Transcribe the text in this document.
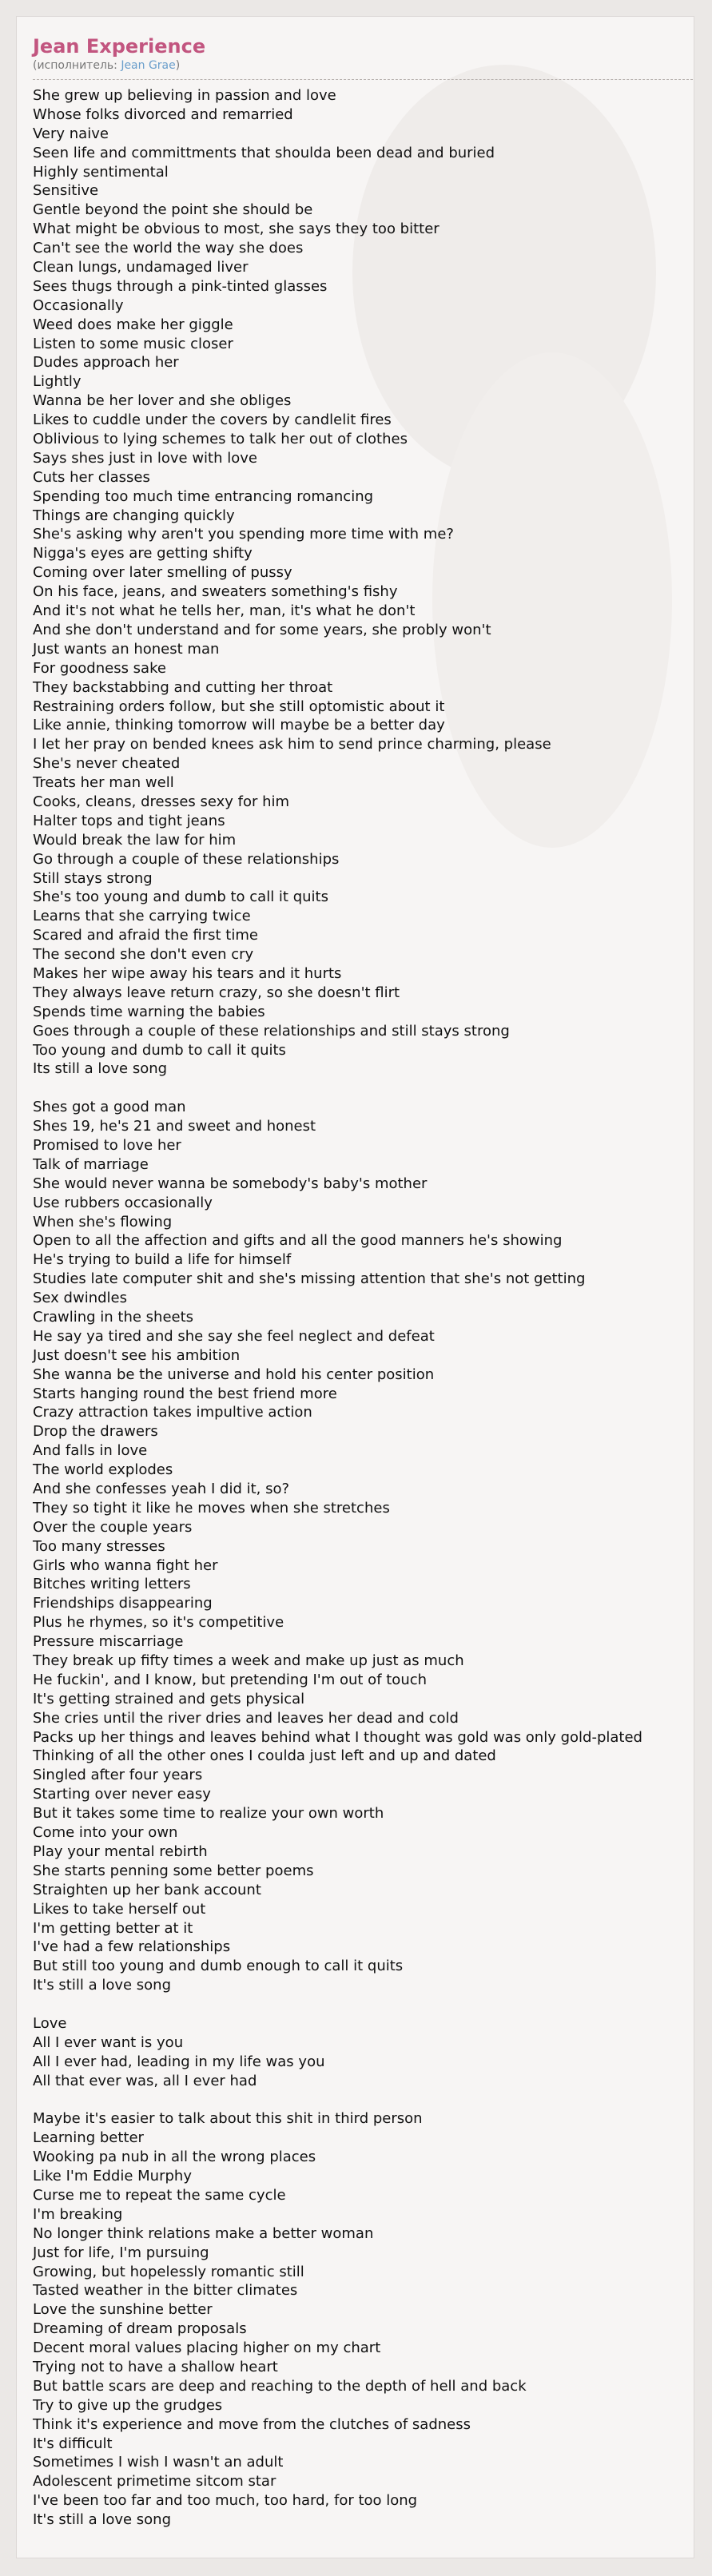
Jean Experience

(исполнитель: Jean Grae)

She grew up believing in passion and love
Whose folks divorced and remarried
Very naive
Seen life and committments that shoulda been dead and buried
Highly sentimental
Sensitive
Gentle beyond the point she should be
What might be obvious to most, she says they too bitter
Can't see the world the way she does
Clean lungs, undamaged liver
Sees thugs through a pink-tinted glasses
Occasionally
Weed does make her giggle
Listen to some music closer
Dudes approach her
Lightly
Wanna be her lover and she obliges
Likes to cuddle under the covers by candlelit fires
Oblivious to lying schemes to talk her out of clothes
Says shes just in love with love
Cuts her classes
Spending too much time entrancing romancing
Things are changing quickly
She's asking why aren't you spending more time with me?
Nigga's eyes are getting shifty
Coming over later smelling of pussy
On his face, jeans, and sweaters something's fishy
And it's not what he tells her, man, it's what he don't
And she don't understand and for some years, she probly won't
Just wants an honest man
For goodness sake
They backstabbing and cutting her throat
Restraining orders follow, but she still optomistic about it
Like annie, thinking tomorrow will maybe be a better day
I let her pray on bended knees ask him to send prince charming, please
She's never cheated
Treats her man well
Cooks, cleans, dresses sexy for him
Halter tops and tight jeans
Would break the law for him
Go through a couple of these relationships
Still stays strong
She's too young and dumb to call it quits
Learns that she carrying twice
Scared and afraid the first time
The second she don't even cry
Makes her wipe away his tears and it hurts
They always leave return crazy, so she doesn't flirt
Spends time warning the babies
Goes through a couple of these relationships and still stays strong
Too young and dumb to call it quits
Its still a love song
Shes got a good man
Shes 19, he's 21 and sweet and honest
Promised to love her
Talk of marriage
She would never wanna be somebody's baby's mother
Use rubbers occasionally
When she's flowing
Open to all the affection and gifts and all the good manners he's showing
He's trying to build a life for himself
Studies late computer shit and she's missing attention that she's not getting
Sex dwindles
Crawling in the sheets
He say ya tired and she say she feel neglect and defeat
Just doesn't see his ambition
She wanna be the universe and hold his center position
Starts hanging round the best friend more
Crazy attraction takes impultive action
Drop the drawers
And falls in love
The world explodes
And she confesses yeah I did it, so?
They so tight it like he moves when she stretches
Over the couple years
Too many stresses
Girls who wanna fight her
Bitches writing letters
Friendships disappearing
Plus he rhymes, so it's competitive
Pressure miscarriage
They break up fifty times a week and make up just as much
He fuckin', and I know, but pretending I'm out of touch
It's getting strained and gets physical
She cries until the river dries and leaves her dead and cold
Packs up her things and leaves behind what I thought was gold was only gold-plated
Thinking of all the other ones I coulda just left and up and dated
Singled after four years
Starting over never easy
But it takes some time to realize your own worth
Come into your own
Play your mental rebirth
She starts penning some better poems
Straighten up her bank account
Likes to take herself out
I'm getting better at it
I've had a few relationships
But still too young and dumb enough to call it quits
It's still a love song
Love
All I ever want is you
All I ever had, leading in my life was you
All that ever was, all I ever had
Maybe it's easier to talk about this shit in third person
Learning better
Wooking pa nub in all the wrong places
Like I'm Eddie Murphy
Curse me to repeat the same cycle
I'm breaking
No longer think relations make a better woman
Just for life, I'm pursuing
Growing, but hopelessly romantic still
Tasted weather in the bitter climates
Love the sunshine better
Dreaming of dream proposals
Decent moral values placing higher on my chart
Trying not to have a shallow heart
But battle scars are deep and reaching to the depth of hell and back
Try to give up the grudges
Think it's experience and move from the clutches of sadness
It's difficult
Sometimes I wish I wasn't an adult
Adolescent primetime sitcom star
I've been too far and too much, too hard, for too long
It's still a love song
